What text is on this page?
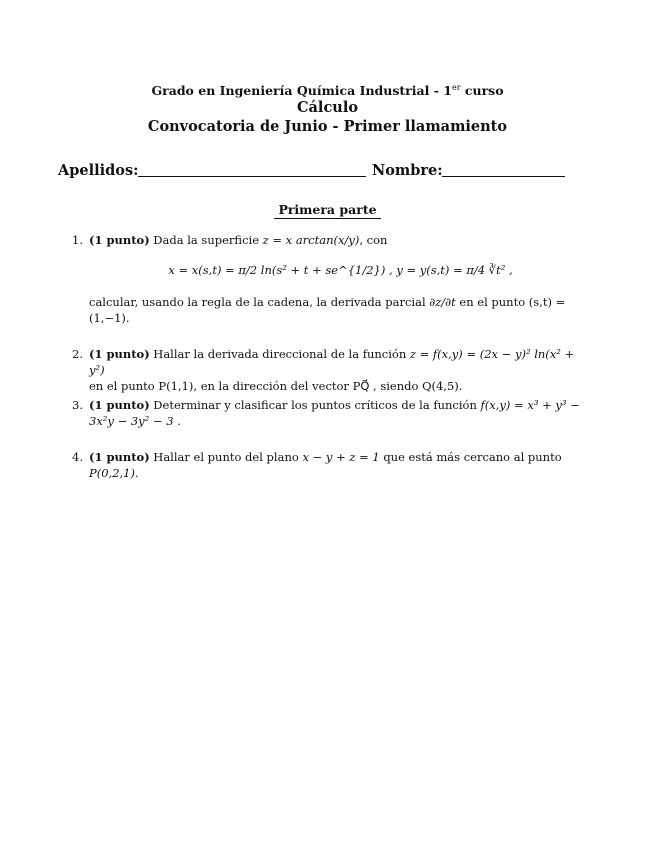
Grado en Ingeniería Química Industrial - 1er curso
Cálculo
Convocatoria de Junio - Primer llamamiento
Apellidos:	Nombre:
Primera parte
1. (1 punto) Dada la superficie z = x arctan(x/y), con
x = x(s,t) = π/2 ln(s² + t + se^{1/2}) , y = y(s,t) = π/4 ∛t² ,
calcular, usando la regla de la cadena, la derivada parcial ∂z/∂t en el punto (s,t) = (1,−1).
2. (1 punto) Hallar la derivada direccional de la función z = f(x,y) = (2x − y)² ln(x² + y²)
en el punto P(1,1), en la dirección del vector PQ⃗ , siendo Q(4,5).
3. (1 punto) Determinar y clasificar los puntos críticos de la función f(x,y) = x³ + y³ −
3x²y − 3y² − 3 .
4. (1 punto) Hallar el punto del plano x − y + z = 1 que está más cercano al punto P(0,2,1).
